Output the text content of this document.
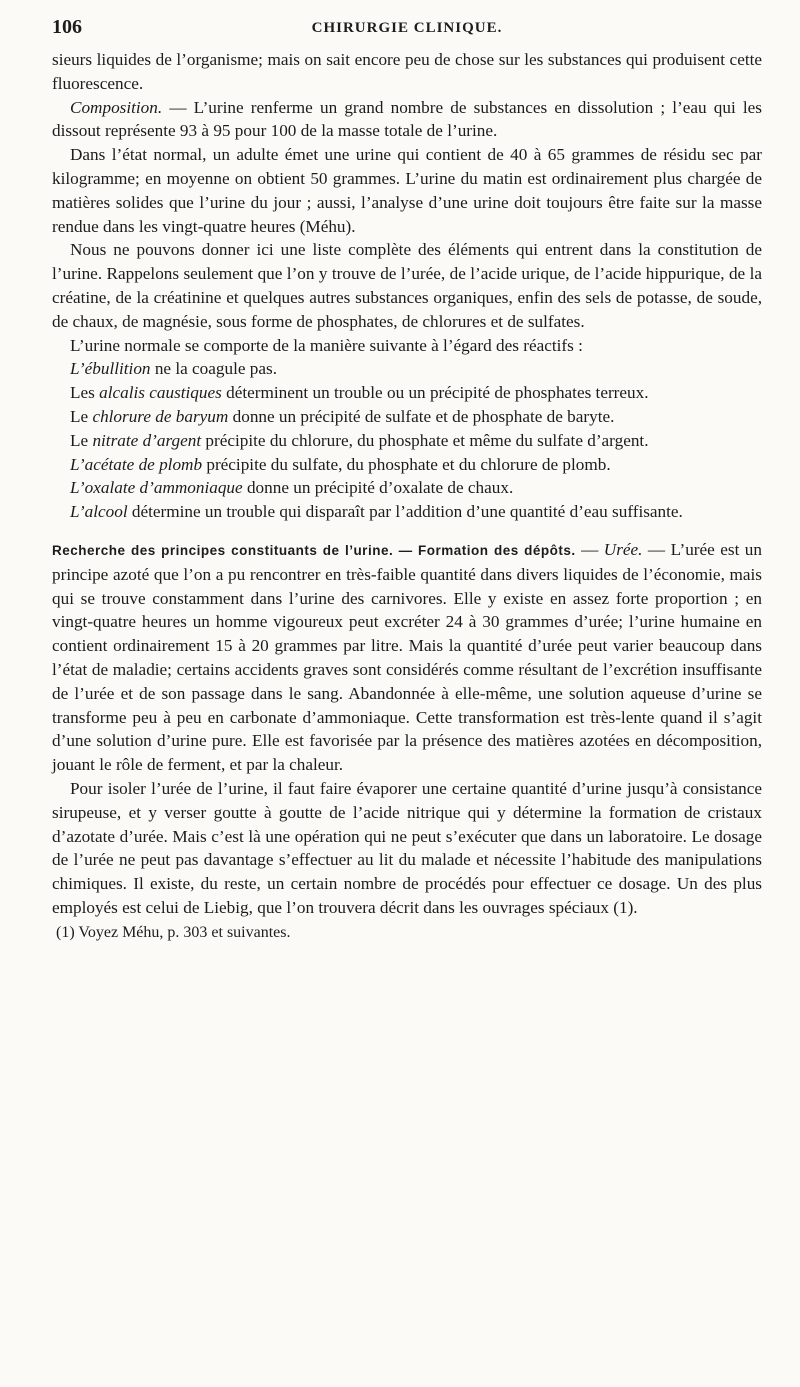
106	CHIRURGIE CLINIQUE.

sieurs liquides de l’organisme; mais on sait encore peu de chose sur les substances qui produisent cette fluorescence.

Composition. — L’urine renferme un grand nombre de substances en dissolution ; l’eau qui les dissout représente 93 à 95 pour 100 de la masse totale de l’urine.

Dans l’état normal, un adulte émet une urine qui contient de 40 à 65 grammes de résidu sec par kilogramme; en moyenne on obtient 50 grammes. L’urine du matin est ordinairement plus chargée de matières solides que l’urine du jour ; aussi, l’analyse d’une urine doit toujours être faite sur la masse rendue dans les vingt-quatre heures (Méhu).

Nous ne pouvons donner ici une liste complète des éléments qui entrent dans la constitution de l’urine. Rappelons seulement que l’on y trouve de l’urée, de l’acide urique, de l’acide hippurique, de la créatine, de la créatinine et quelques autres substances organiques, enfin des sels de potasse, de soude, de chaux, de magnésie, sous forme de phosphates, de chlorures et de sulfates.

L’urine normale se comporte de la manière suivante à l’égard des réactifs :

L’ébullition ne la coagule pas.

Les alcalis caustiques déterminent un trouble ou un précipité de phosphates terreux.

Le chlorure de baryum donne un précipité de sulfate et de phosphate de baryte.

Le nitrate d’argent précipite du chlorure, du phosphate et même du sulfate d’argent.

L’acétate de plomb précipite du sulfate, du phosphate et du chlorure de plomb.

L’oxalate d’ammoniaque donne un précipité d’oxalate de chaux.

L’alcool détermine un trouble qui disparaît par l’addition d’une quantité d’eau suffisante.

Recherche des principes constituants de l’urine. — Formation des dépôts. — Urée. — L’urée est un principe azoté que l’on a pu rencontrer en très-faible quantité dans divers liquides de l’économie, mais qui se trouve constamment dans l’urine des carnivores. Elle y existe en assez forte proportion ; en vingt-quatre heures un homme vigoureux peut excréter 24 à 30 grammes d’urée; l’urine humaine en contient ordinairement 15 à 20 grammes par litre. Mais la quantité d’urée peut varier beaucoup dans l’état de maladie; certains accidents graves sont considérés comme résultant de l’excrétion insuffisante de l’urée et de son passage dans le sang. Abandonnée à elle-même, une solution aqueuse d’urine se transforme peu à peu en carbonate d’ammoniaque. Cette transformation est très-lente quand il s’agit d’une solution d’urine pure. Elle est favorisée par la présence des matières azotées en décomposition, jouant le rôle de ferment, et par la chaleur.

Pour isoler l’urée de l’urine, il faut faire évaporer une certaine quantité d’urine jusqu’à consistance sirupeuse, et y verser goutte à goutte de l’acide nitrique qui y détermine la formation de cristaux d’azotate d’urée. Mais c’est là une opération qui ne peut s’exécuter que dans un laboratoire. Le dosage de l’urée ne peut pas davantage s’effectuer au lit du malade et nécessite l’habitude des manipulations chimiques. Il existe, du reste, un certain nombre de procédés pour effectuer ce dosage. Un des plus employés est celui de Liebig, que l’on trouvera décrit dans les ouvrages spéciaux (1).

(1) Voyez Méhu, p. 303 et suivantes.
